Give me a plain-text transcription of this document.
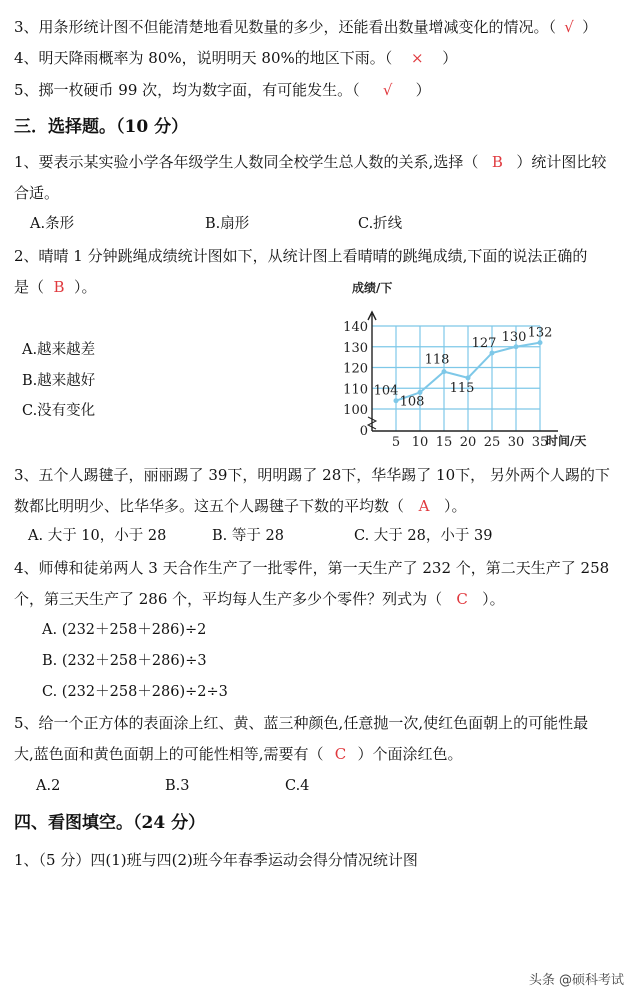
3、用条形统计图不但能清楚地看见数量的多少，还能看出数量增减变化的情况。（ √ ）
4、明天降雨概率为 80%，说明明天 80%的地区下雨。（ × ）
5、掷一枚硬币 99 次，均为数字面，有可能发生。（ √ ）
三．选择题。（10 分）
1、要表示某实验小学各年级学生人数同全校学生总人数的关系,选择（ B ）统计图比较
合适。
A.条形	B.扇形	C.折线
2、晴晴 1 分钟跳绳成绩统计图如下，从统计图上看晴晴的跳绳成绩,下面的说法正确的
是（ B ）。
A.越来越差
B.越来越好
C.没有变化
成绩/下
时间/天
0
100
110
120
130
140
5 10 15 20 25 30 35
104
108
118
115
127 130 132
3、五个人踢毽子，丽丽踢了 39下，明明踢了 28下，华华踢了 10下， 另外两个人踢的下
数都比明明少、比华华多。这五个人踢毽子下数的平均数（ A ）。
A. 大于 10，小于 28	B. 等于 28	C. 大于 28，小于 39
4、师傅和徒弟两人 3 天合作生产了一批零件，第一天生产了 232 个，第二天生产了 258
个，第三天生产了 286 个，平均每人生产多少个零件？列式为（ C ）。
A. (232＋258＋286)÷2
B. (232＋258＋286)÷3
C. (232＋258＋286)÷2÷3
5、给一个正方体的表面涂上红、黄、蓝三种颜色,任意抛一次,使红色面朝上的可能性最
大,蓝色面和黄色面朝上的可能性相等,需要有（ C ）个面涂红色。
A.2	B.3	C.4
四、看图填空。（24 分）
1、（5 分）四(1)班与四(2)班今年春季运动会得分情况统计图
头条 @硕科考试
